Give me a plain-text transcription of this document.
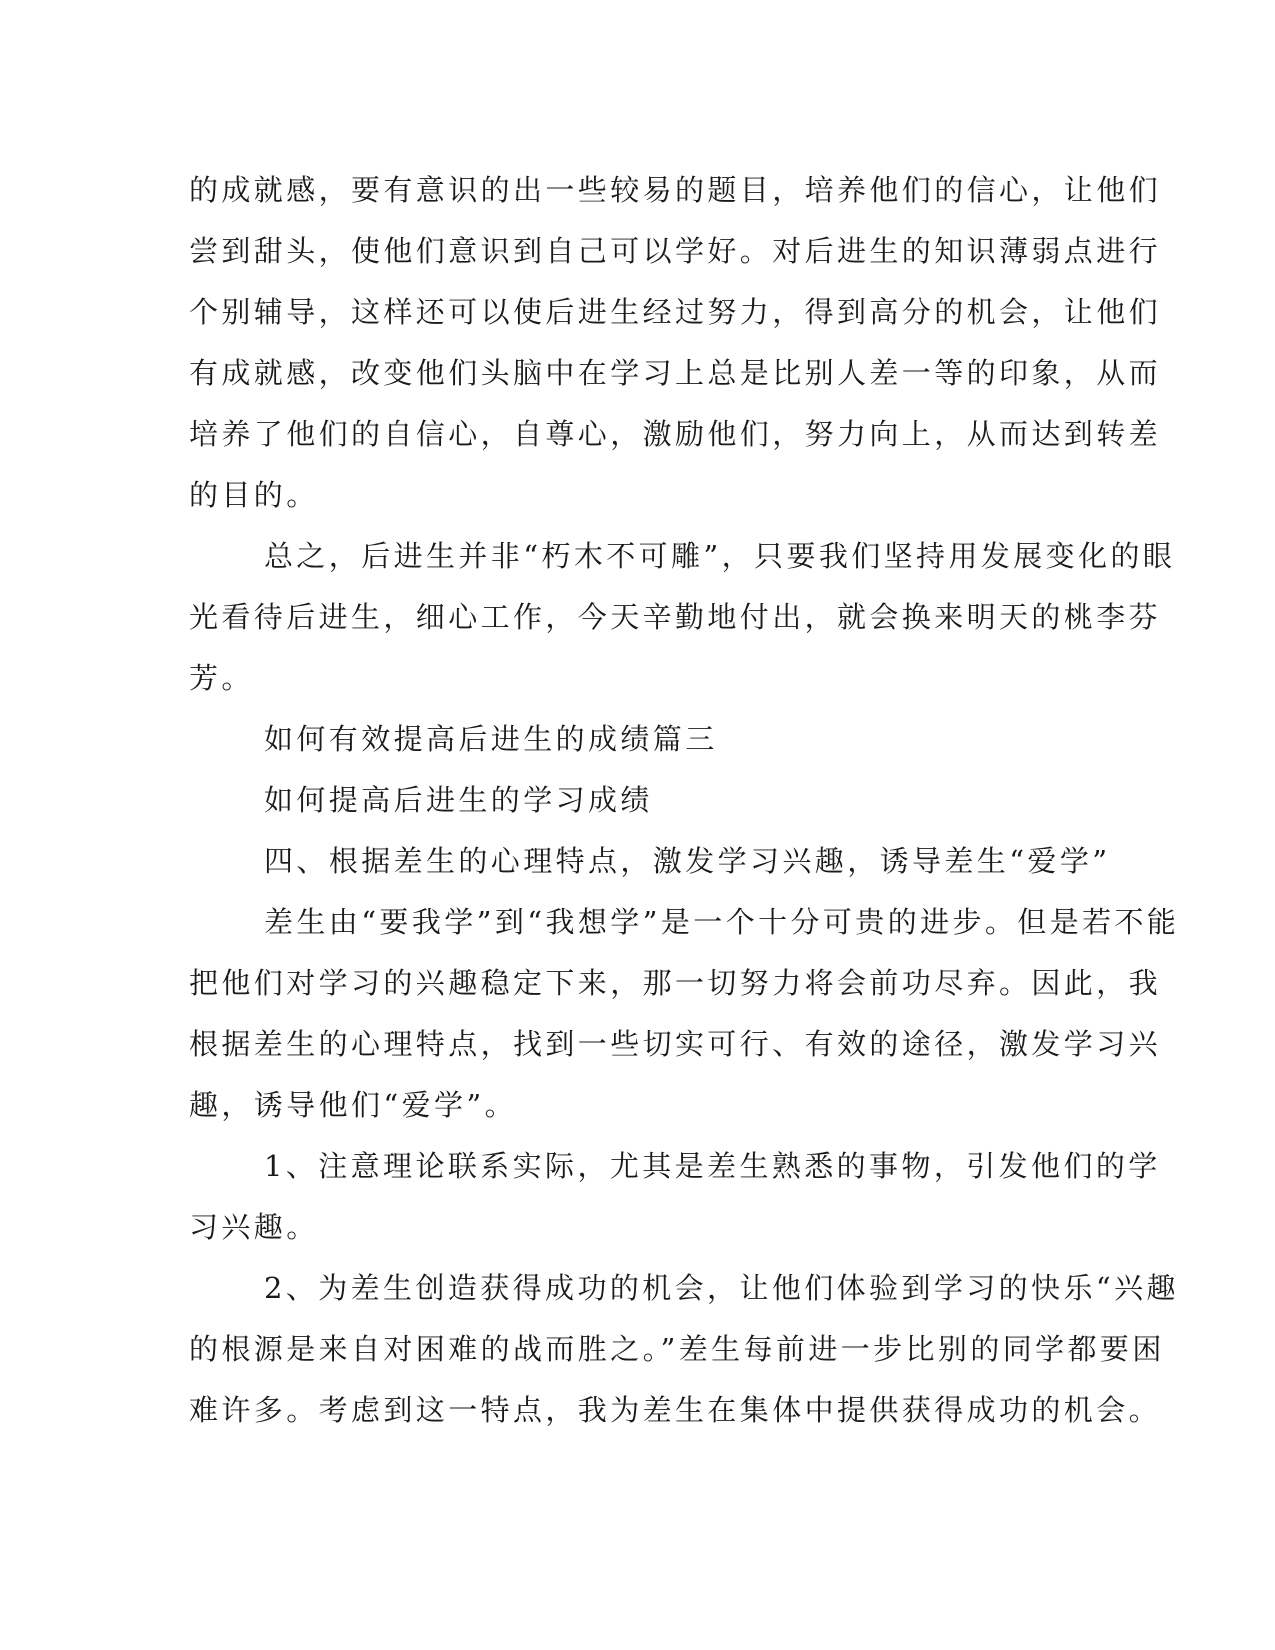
的成就感，要有意识的出一些较易的题目，培养他们的信心，让他们
尝到甜头，使他们意识到自己可以学好。对后进生的知识薄弱点进行
个别辅导，这样还可以使后进生经过努力，得到高分的机会，让他们
有成就感，改变他们头脑中在学习上总是比别人差一等的印象，从而
培养了他们的自信心，自尊心，激励他们，努力向上，从而达到转差
的目的。
总之，后进生并非“朽木不可雕”，只要我们坚持用发展变化的眼
光看待后进生，细心工作，今天辛勤地付出，就会换来明天的桃李芬
芳。
如何有效提高后进生的成绩篇三
如何提高后进生的学习成绩
四、根据差生的心理特点，激发学习兴趣，诱导差生“爱学”
差生由“要我学”到“我想学”是一个十分可贵的进步。但是若不能
把他们对学习的兴趣稳定下来，那一切努力将会前功尽弃。因此，我
根据差生的心理特点，找到一些切实可行、有效的途径，激发学习兴
趣，诱导他们“爱学”。
1、注意理论联系实际，尤其是差生熟悉的事物，引发他们的学
习兴趣。
2、为差生创造获得成功的机会，让他们体验到学习的快乐“兴趣
的根源是来自对困难的战而胜之。”差生每前进一步比别的同学都要困
难许多。考虑到这一特点，我为差生在集体中提供获得成功的机会。
